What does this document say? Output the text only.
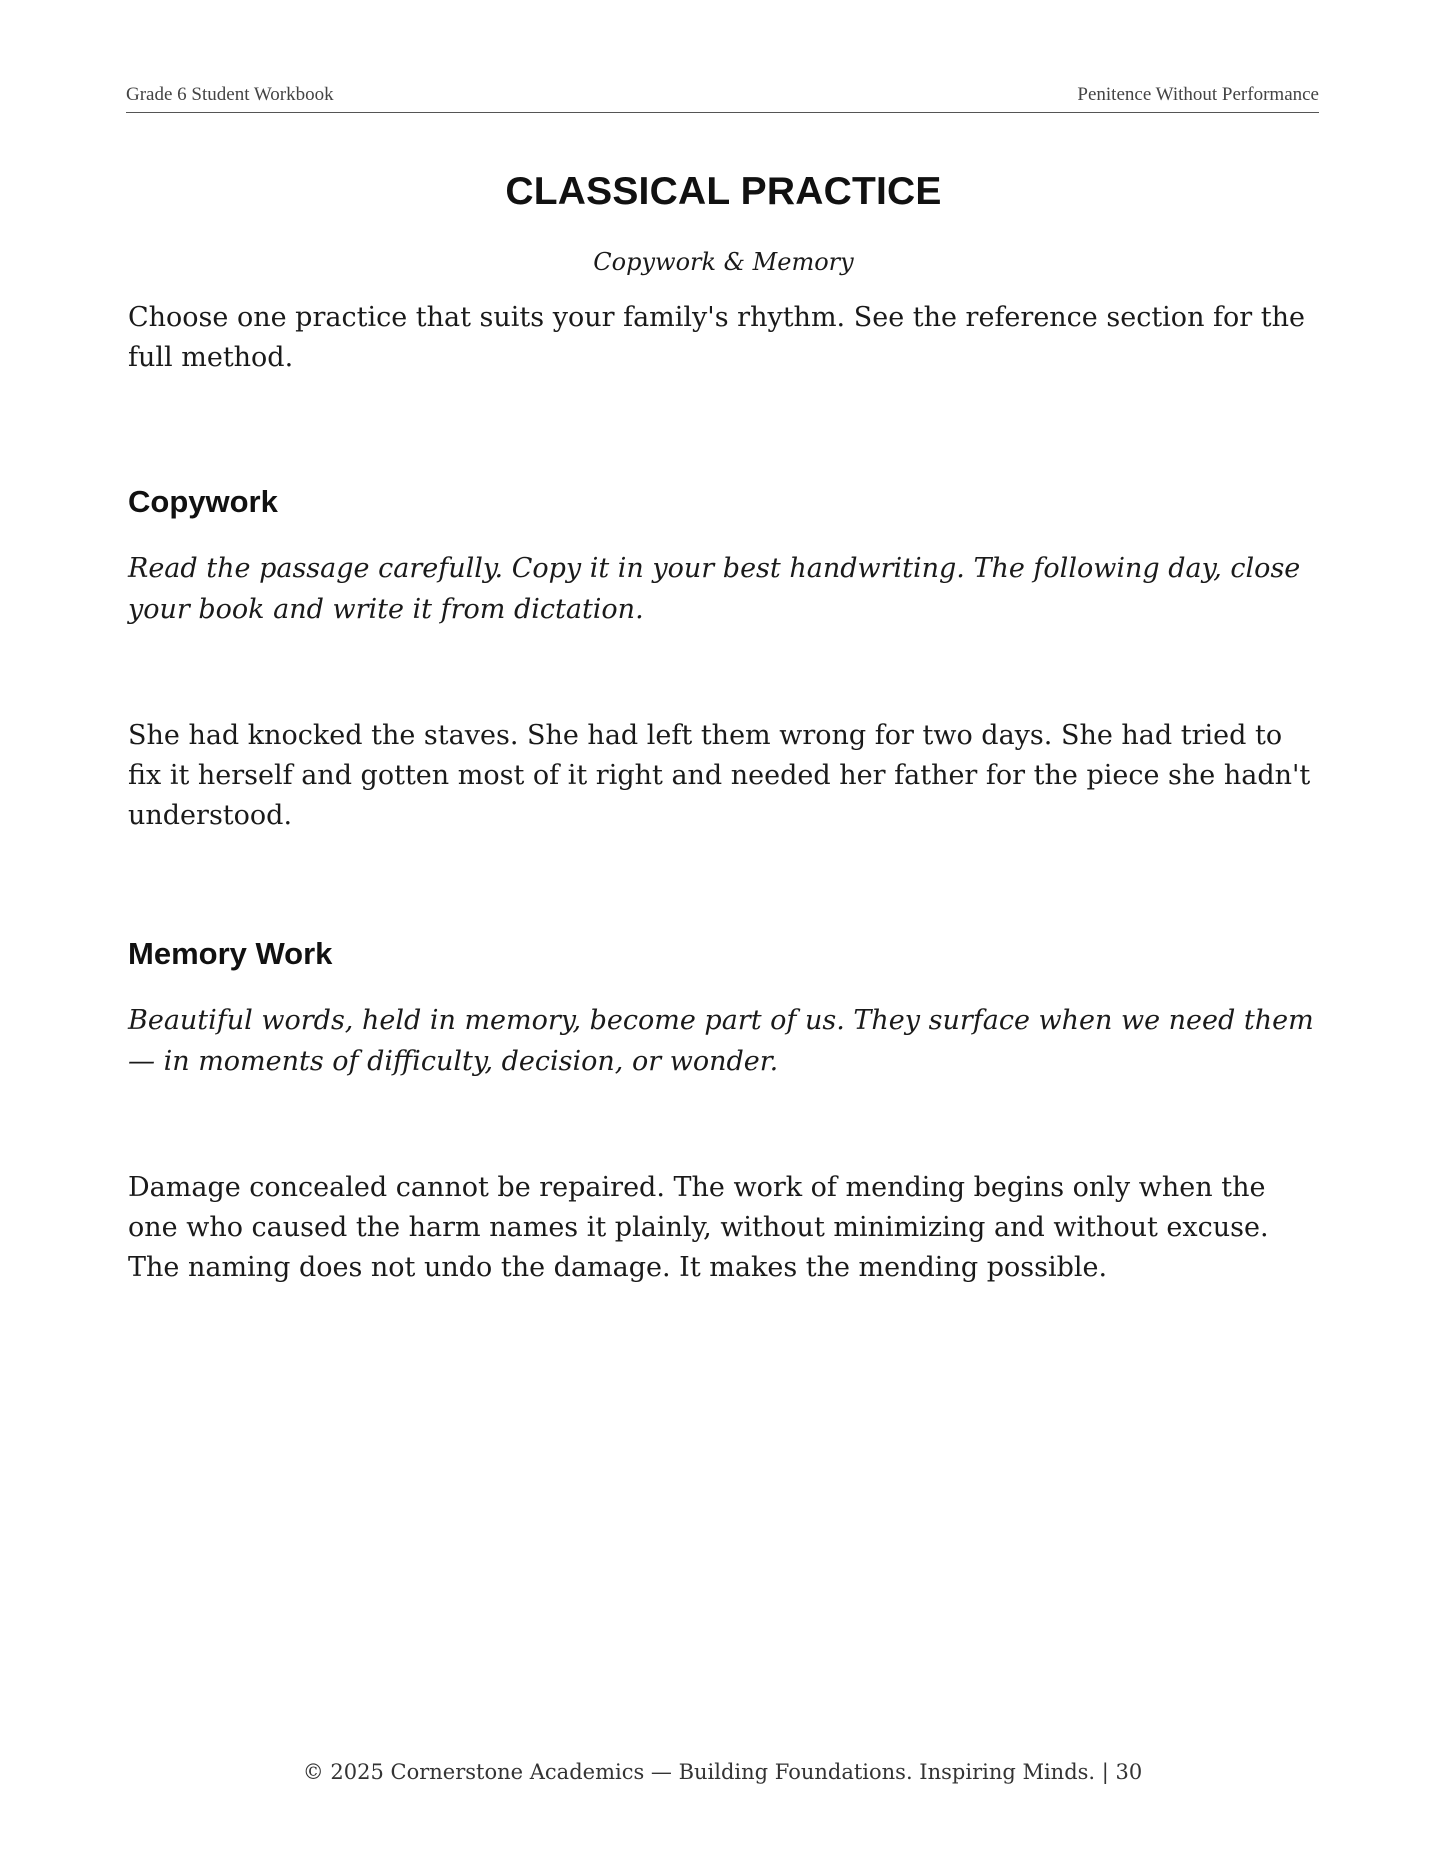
Grade 6 Student Workbook	Penitence Without Performance
CLASSICAL PRACTICE

Copywork & Memory

Choose one practice that suits your family's rhythm. See the reference section for the full method.

Copywork

Read the passage carefully. Copy it in your best handwriting. The following day, close your book and write it from dictation.

She had knocked the staves. She had left them wrong for two days. She had tried to fix it herself and gotten most of it right and needed her father for the piece she hadn't understood.

Memory Work

Beautiful words, held in memory, become part of us. They surface when we need them — in moments of difficulty, decision, or wonder.

Damage concealed cannot be repaired. The work of mending begins only when the one who caused the harm names it plainly, without minimizing and without excuse. The naming does not undo the damage. It makes the mending possible.

© 2025 Cornerstone Academics — Building Foundations. Inspiring Minds. | 30
